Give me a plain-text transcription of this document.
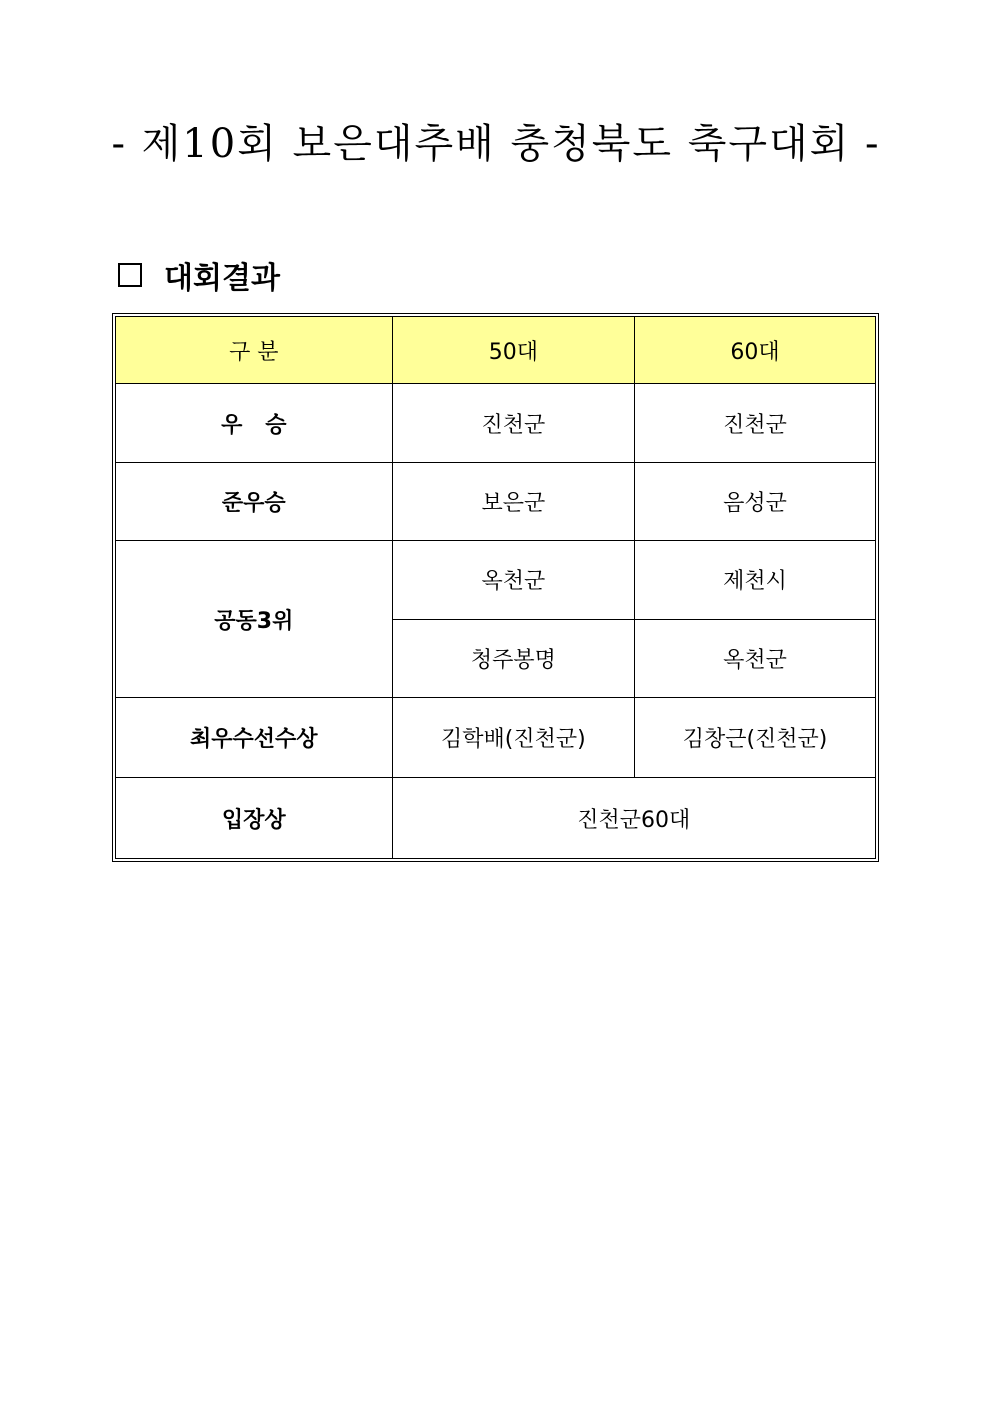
- 제10회 보은대추배 충청북도 축구대회 -
대회결과
구 분	50대	60대
우   승	진천군	진천군
준우승	보은군	음성군
공동3위	옥천군	제천시
	청주봉명	옥천군
최우수선수상	김학배(진천군)	김창근(진천군)
입장상	진천군60대	
